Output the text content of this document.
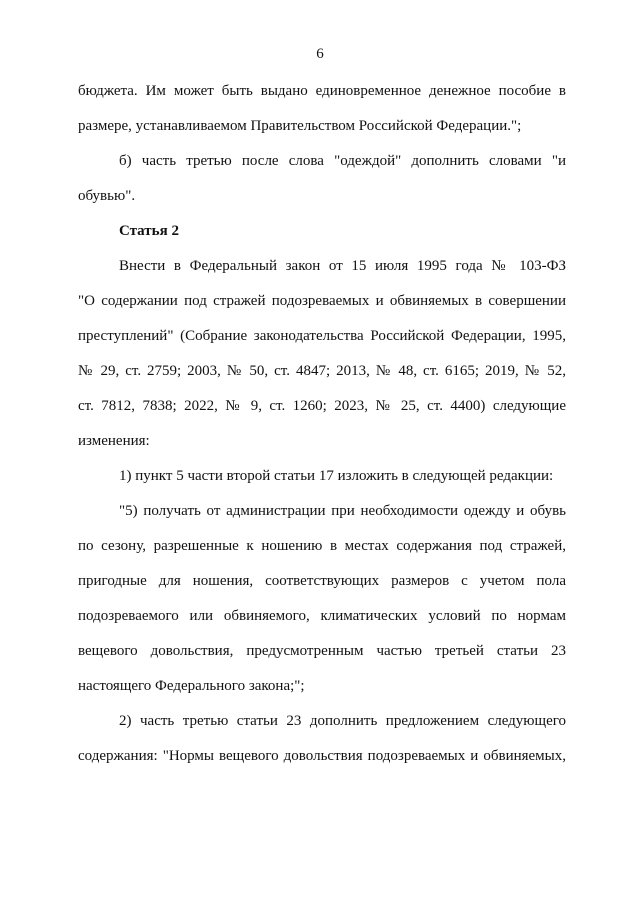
6
бюджета. Им может быть выдано единовременное денежное пособие в
размере, устанавливаемом Правительством Российской Федерации.";
б) часть третью после слова "одеждой" дополнить словами "и
обувью".
Статья 2
Внести в Федеральный закон от 15 июля 1995 года № 103-ФЗ
"О содержании под стражей подозреваемых и обвиняемых в совершении
преступлений" (Собрание законодательства Российской Федерации, 1995,
№ 29, ст. 2759; 2003, № 50, ст. 4847; 2013, № 48, ст. 6165; 2019, № 52,
ст. 7812, 7838; 2022, № 9, ст. 1260; 2023, № 25, ст. 4400) следующие
изменения:
1) пункт 5 части второй статьи 17 изложить в следующей редакции:
"5) получать от администрации при необходимости одежду и обувь
по сезону, разрешенные к ношению в местах содержания под стражей,
пригодные для ношения, соответствующих размеров с учетом пола
подозреваемого или обвиняемого, климатических условий по нормам
вещевого довольствия, предусмотренным частью третьей статьи 23
настоящего Федерального закона;";
2) часть третью статьи 23 дополнить предложением следующего
содержания: "Нормы вещевого довольствия подозреваемых и обвиняемых,
